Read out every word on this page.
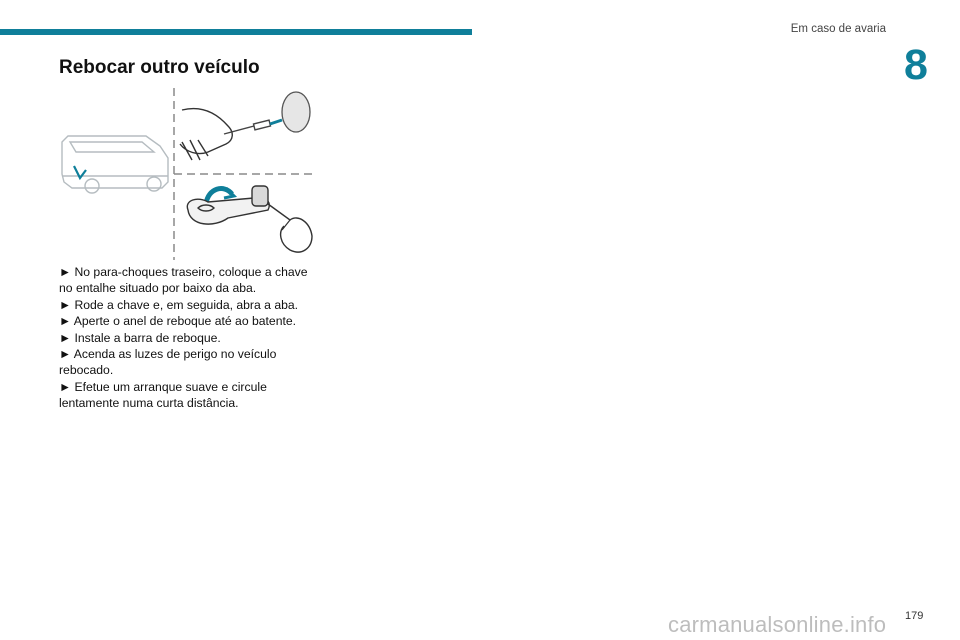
Em caso de avaria
8
Rebocar outro veículo

► No para-choques traseiro, coloque a chave no entalhe situado por baixo da aba.

► Rode a chave e, em seguida, abra a aba.

► Aperte o anel de reboque até ao batente.

► Instale a barra de reboque.

► Acenda as luzes de perigo no veículo rebocado.

► Efetue um arranque suave e circule lentamente numa curta distância.

179
carmanualsonline.info
